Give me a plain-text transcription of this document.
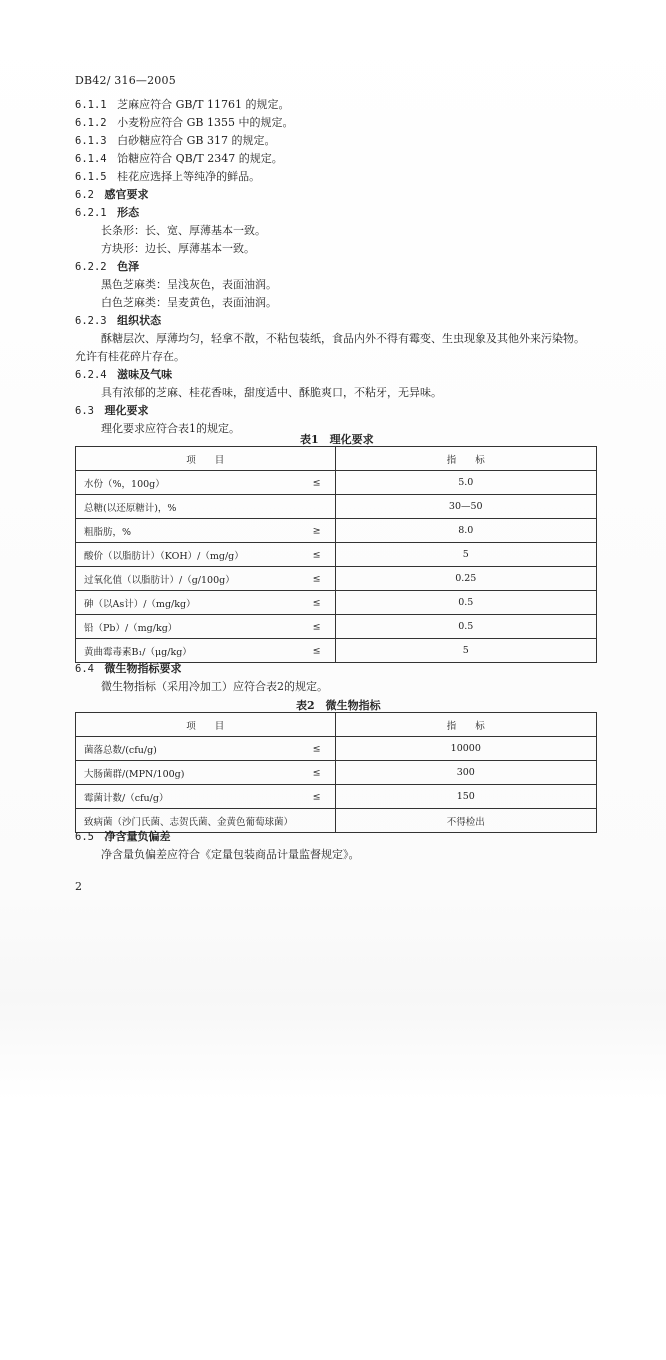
DB42/ 316—2005
6.1.1 芝麻应符合 GB/T 11761 的规定。
6.1.2 小麦粉应符合 GB 1355 中的规定。
6.1.3 白砂糖应符合 GB 317 的规定。
6.1.4 饴糖应符合 QB/T 2347 的规定。
6.1.5 桂花应选择上等纯净的鲜品。
6.2 感官要求
6.2.1 形态
长条形：长、宽、厚薄基本一致。
方块形：边长、厚薄基本一致。
6.2.2 色泽
黑色芝麻类：呈浅灰色，表面油润。
白色芝麻类：呈麦黄色，表面油润。
6.2.3 组织状态
酥糖层次、厚薄均匀，轻拿不散，不粘包装纸，食品内外不得有霉变、生虫现象及其他外来污染物。
允许有桂花碎片存在。
6.2.4 滋味及气味
具有浓郁的芝麻、桂花香味，甜度适中、酥脆爽口，不粘牙，无异味。
6.3 理化要求
理化要求应符合表1的规定。
表1　理化要求
项　　目	指　　标
水份（%，100g） ≤	5.0
总糖(以还原糖计)，%	30—50
粗脂肪，% ≥	8.0
酸价（以脂肪计）（KOH）/（mg/g） ≤	5
过氧化值（以脂肪计）/（g/100g） ≤	0.25
砷（以As计）/（mg/kg） ≤	0.5
铅（Pb）/（mg/kg） ≤	0.5
黄曲霉毒素B₁/（μg/kg） ≤	5
6.4 微生物指标要求
微生物指标（采用冷加工）应符合表2的规定。
表2　微生物指标
项　　目	指　　标
菌落总数/(cfu/g) ≤	10000
大肠菌群/(MPN/100g) ≤	300
霉菌计数/（cfu/g） ≤	150
致病菌（沙门氏菌、志贺氏菌、金黄色葡萄球菌）	不得检出
6.5 净含量负偏差
净含量负偏差应符合《定量包装商品计量监督规定》。
2
